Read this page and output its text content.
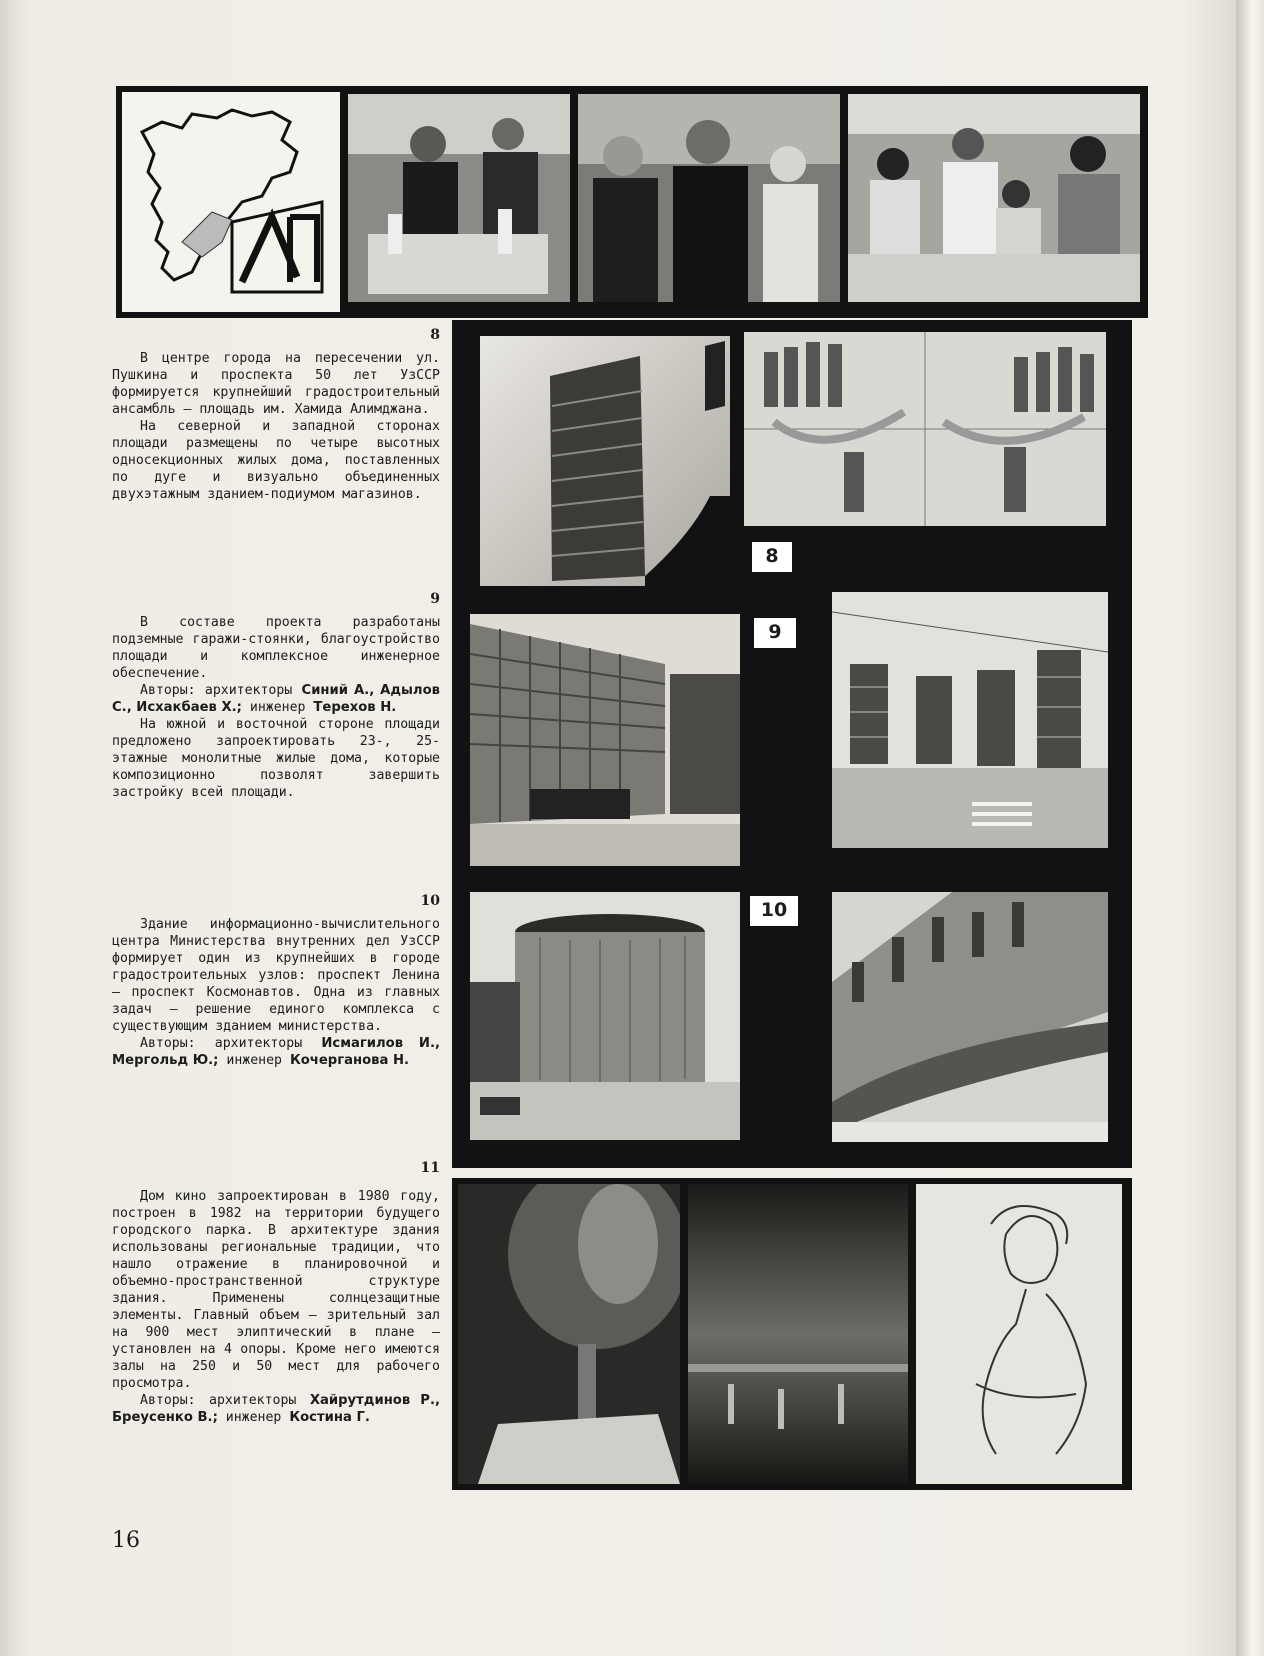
8

В центре города на пересечении ул. Пушкина и проспекта 50 лет УзССР формируется крупнейший градостроительный ансамбль — площадь им. Хамида Алимджана.

На северной и западной сторонах площади размещены по четыре высотных односекционных жилых дома, поставленных по дуге и визуально объединенных двухэтажным зданием-подиумом магазинов.

8
9

В составе проекта разработаны подземные гаражи-стоянки, благоустройство площади и комплексное инженерное обеспечение.

Авторы: архитекторы Синий А., Адылов С., Исхакбаев Х.; инженер Терехов Н.

На южной и восточной стороне площади предложено запроектировать 23-, 25-этажные монолитные жилые дома, которые композиционно позволят завершить застройку всей площади.

9
10

Здание информационно-вычислительного центра Министерства внутренних дел УзССР формирует один из крупнейших в городе градостроительных узлов: проспект Ленина — проспект Космонавтов. Одна из главных задач — решение единого комплекса с существующим зданием министерства.

Авторы: архитекторы Исмагилов И., Мергольд Ю.; инженер Кочерганова Н.

10
11

Дом кино запроектирован в 1980 году, построен в 1982 на территории будущего городского парка. В архитектуре здания использованы региональные традиции, что нашло отражение в планировочной и объемно-пространственной структуре здания. Применены солнцезащитные элементы. Главный объем — зрительный зал на 900 мест элиптический в плане — установлен на 4 опоры. Кроме него имеются залы на 250 и 50 мест для рабочего просмотра.

Авторы: архитекторы Хайрутдинов Р., Бреусенко В.; инженер Костина Г.

16
